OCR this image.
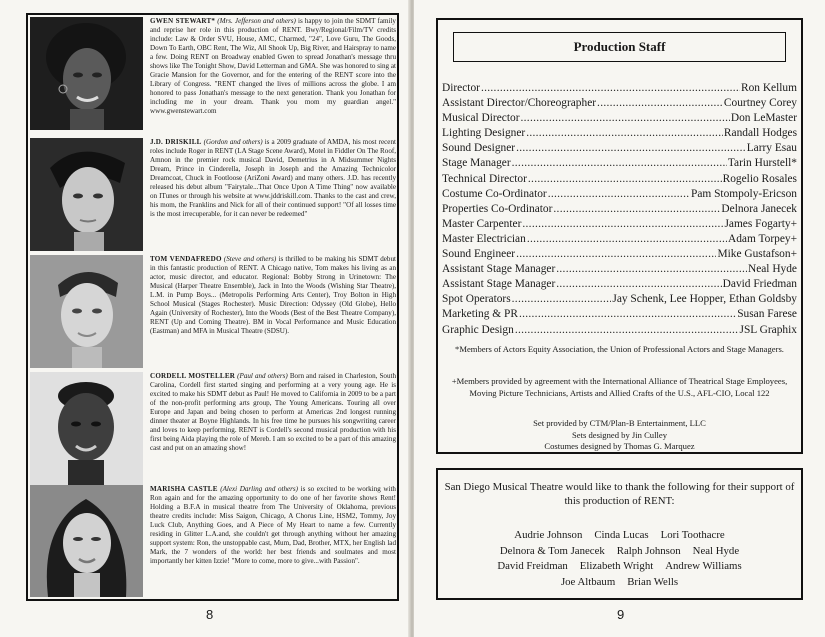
GWEN STEWART* (Mrs. Jefferson and others) is happy to join the SDMT family and reprise her role in this production of RENT. Bwy/Regional/Film/TV credits include: Law & Order SVU, House, AMC, Charmed, "24", Love Guru, The Goods, Down To Earth, OBC Rent, The Wiz, All Shook Up, Big River, and Hairspray to name a few. Doing RENT on Broadway enabled Gwen to spread Jonathan's message thru shows like The Tonight Show, David Letterman and GMA. She was honored to sing at Gracie Mansion for the Governor, and for the entering of the RENT score into the Library of Congress. "RENT changed the lives of millions across the globe. I am honored to pass Jonathan's message to the next generation. Thank you Jonathan for including me in your dream. Thank you mom my guardian angel." www.gwenstewart.com
J.D. DRISKILL (Gordon and others) is a 2009 graduate of AMDA, his most recent roles include Roger in RENT (LA Stage Scene Award), Motel in Fiddler On The Roof, Amnon in the premier rock musical David, Demetrius in A Midsummer Nights Dream, Prince in Cinderella, Joseph in Joseph and the Amazing Technicolor Dreamcoat, Chuck in Footloose (AriZoni Award) and many others. J.D. has recently released his debut album "Fairytale...That Once Upon A Time Thing" now available on ITunes or through his website at www.jddriskill.com. Thanks to the cast and crew, his mom, the Franklins and Nick for all of their continued support! "Of all losses time is the most irrecuperable, for it can never be redeemed"
TOM VENDAFREDO (Steve and others) is thrilled to be making his SDMT debut in this fantastic production of RENT. A Chicago native, Tom makes his living as an actor, music director, and educator. Regional: Bobby Strong in Urinetown: The Musical (Harper Theatre Ensemble), Jack in Into the Woods (Wishing Star Theatre), L.M. in Pump Boys... (Metropolis Performing Arts Center), Troy Bolton in High School Musical (Stages Rochester). Music Direction: Odyssey (Old Globe), Hello Again (University of Rochester), Into the Woods (Best of the Best Theatre Company), RENT (Up and Coming Theatre). BM in Vocal Performance and Music Education (Eastman) and MFA in Musical Theatre (SDSU).
CORDELL MOSTELLER (Paul and others) Born and raised in Charleston, South Carolina, Cordell first started singing and performing at a very young age. He is excited to make his SDMT debut as Paul! He moved to California in 2009 to be a part of the non-profit performing arts group, The Young Americans. Touring all over Europe and Japan and being chosen to perform at Americas 2nd longest running dinner theater at Boyne Highlands. In his free time he pursues his songwriting career and loves to keep performing. RENT is Cordell's second musical production with his first being Aida playing the role of Mereb. I am so excited to be a part of this amazing cast and put on an amazing show!
MARISHA CASTLE (Alexi Darling and others) is so excited to be working with Ron again and for the amazing opportunity to do one of her favorite shows Rent! Holding a B.F.A in musical theatre from The University of Oklahoma, previous theatre credits include: Miss Saigon, Chicago, A Chorus Line, HSM2, Tommy, Joy Luck Club, Anything Goes, and A Piece of My Heart to name a few. Currently residing in Glitter L.A.and, she couldn't get through anything without her amazing support system: Ron, the unstoppable cast, Mum, Dad, Brother, MTX, her English lad Mark, the 7 wonders of the world: her best friends and soulmates and most importantly her kitten Izzie! "More to come, more to give...with Passion".
8
Production Staff
Director .....	Ron Kellum
Assistant Director/Choreographer .....	Courtney Corey
Musical Director .....	Don LeMaster
Lighting Designer .....	Randall Hodges
Sound Designer .....	Larry Esau
Stage Manager .....	Tarin Hurstell*
Technical Director .....	Rogelio Rosales
Costume Co-Ordinator .....	Pam Stompoly-Ericson
Properties Co-Ordinator .....	Delnora Janecek
Master Carpenter .....	James Fogarty+
Master Electrician .....	Adam Torpey+
Sound Engineer .....	Mike Gustafson+
Assistant Stage Manager .....	Neal Hyde
Assistant Stage Manager .....	David Friedman
Spot Operators .....	Jay Schenk, Lee Hopper, Ethan Goldsby
Marketing & PR .....	Susan Farese
Graphic Design .....	JSL Graphix
*Members of Actors Equity Association, the Union of Professional Actors and Stage Managers.
+Members provided by agreement with the International Alliance of Theatrical Stage Employees, Moving Picture Technicians, Artists and Allied Crafts of the U.S., AFL-CIO, Local 122
Set provided by CTM/Plan-B Entertainment, LLC
Sets designed by Jin Culley
Costumes designed by Thomas G. Marquez
San Diego Musical Theatre would like to thank the following for their support of this production of RENT:
Audrie Johnson Cinda Lucas Lori Toothacre
Delnora & Tom Janecek Ralph Johnson Neal Hyde
David Freidman Elizabeth Wright Andrew Williams
Joe Altbaum Brian Wells
9
